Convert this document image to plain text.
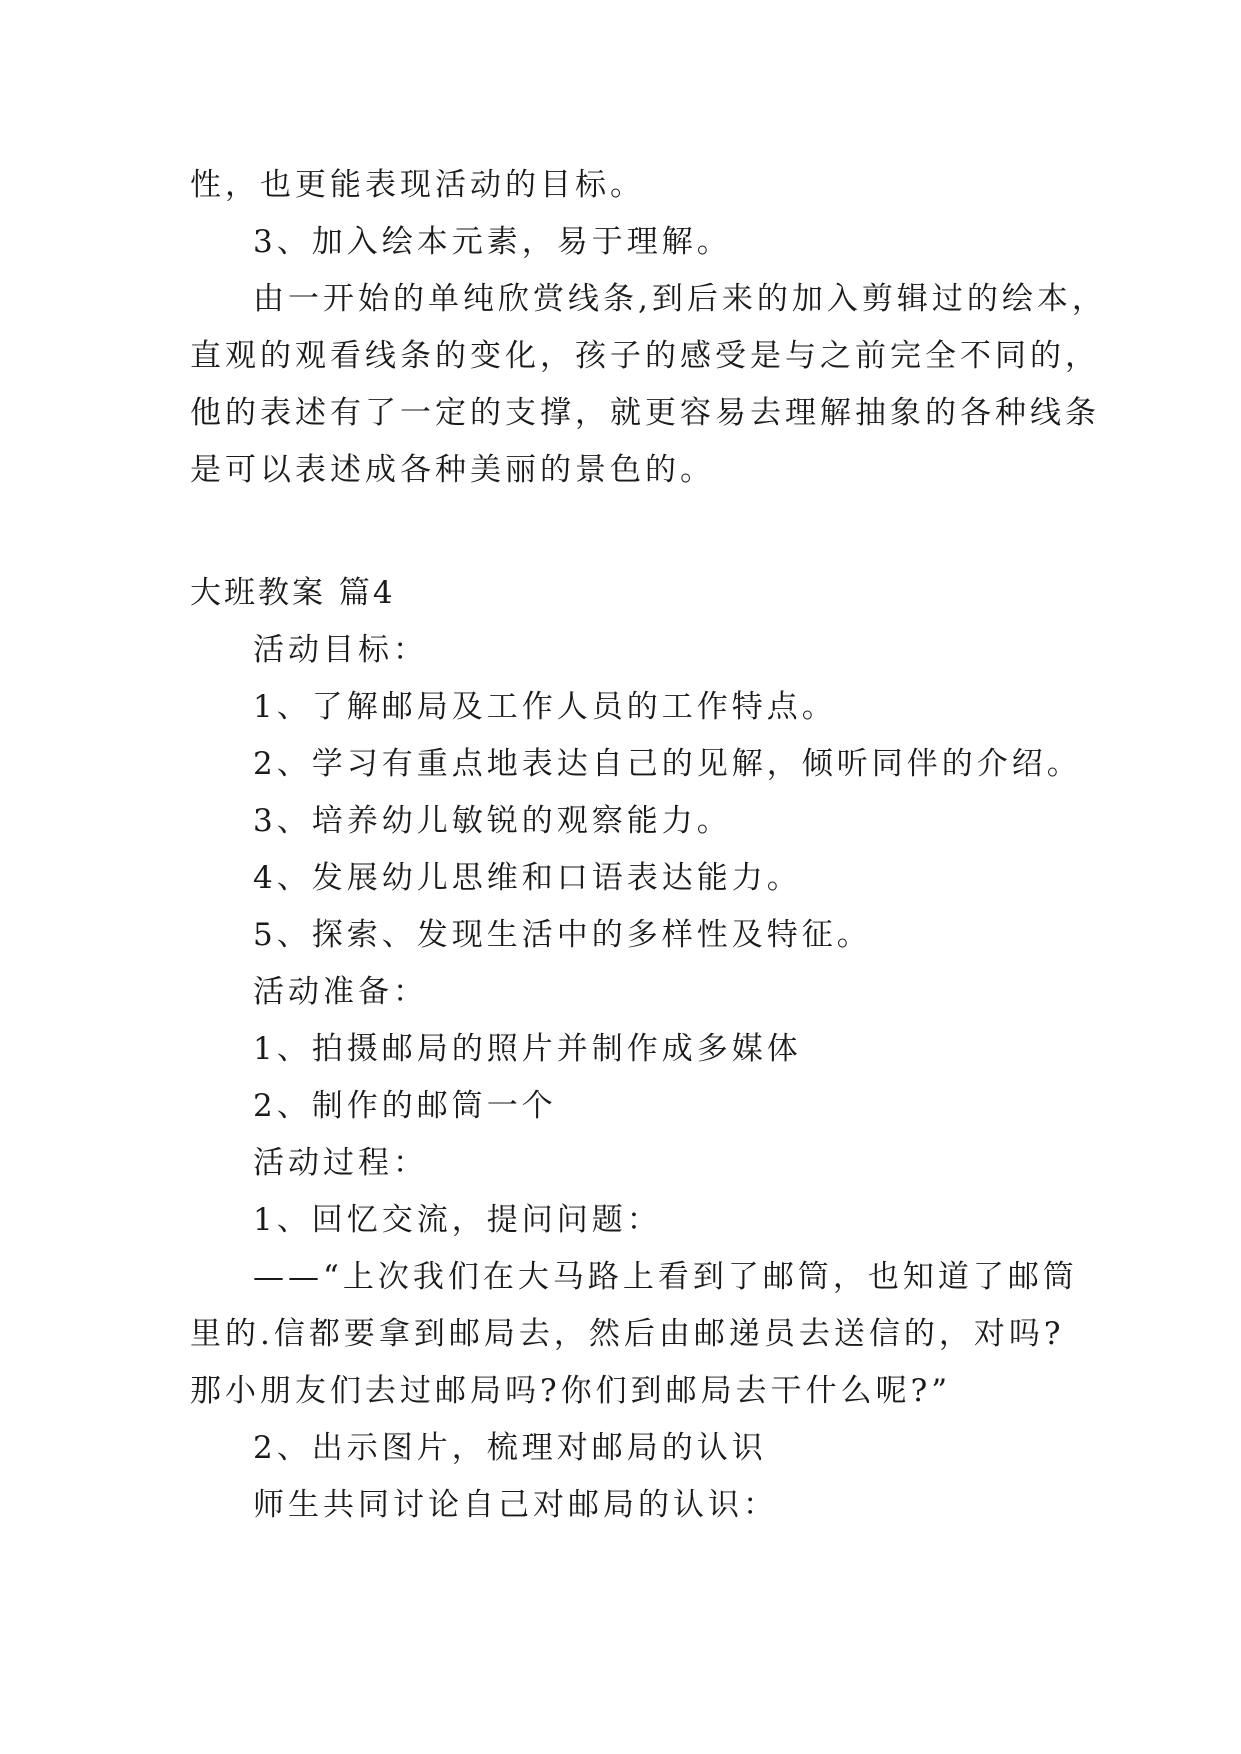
性，也更能表现活动的目标。
3、加入绘本元素，易于理解。
由一开始的单纯欣赏线条,到后来的加入剪辑过的绘本，
直观的观看线条的变化，孩子的感受是与之前完全不同的，
他的表述有了一定的支撑，就更容易去理解抽象的各种线条
是可以表述成各种美丽的景色的。
大班教案 篇4
活动目标：
1、了解邮局及工作人员的工作特点。
2、学习有重点地表达自己的见解，倾听同伴的介绍。
3、培养幼儿敏锐的观察能力。
4、发展幼儿思维和口语表达能力。
5、探索、发现生活中的多样性及特征。
活动准备：
1、拍摄邮局的照片并制作成多媒体
2、制作的邮筒一个
活动过程：
1、回忆交流，提问问题：
——“上次我们在大马路上看到了邮筒，也知道了邮筒
里的.信都要拿到邮局去，然后由邮递员去送信的，对吗?
那小朋友们去过邮局吗?你们到邮局去干什么呢?”
2、出示图片，梳理对邮局的认识
师生共同讨论自己对邮局的认识：
